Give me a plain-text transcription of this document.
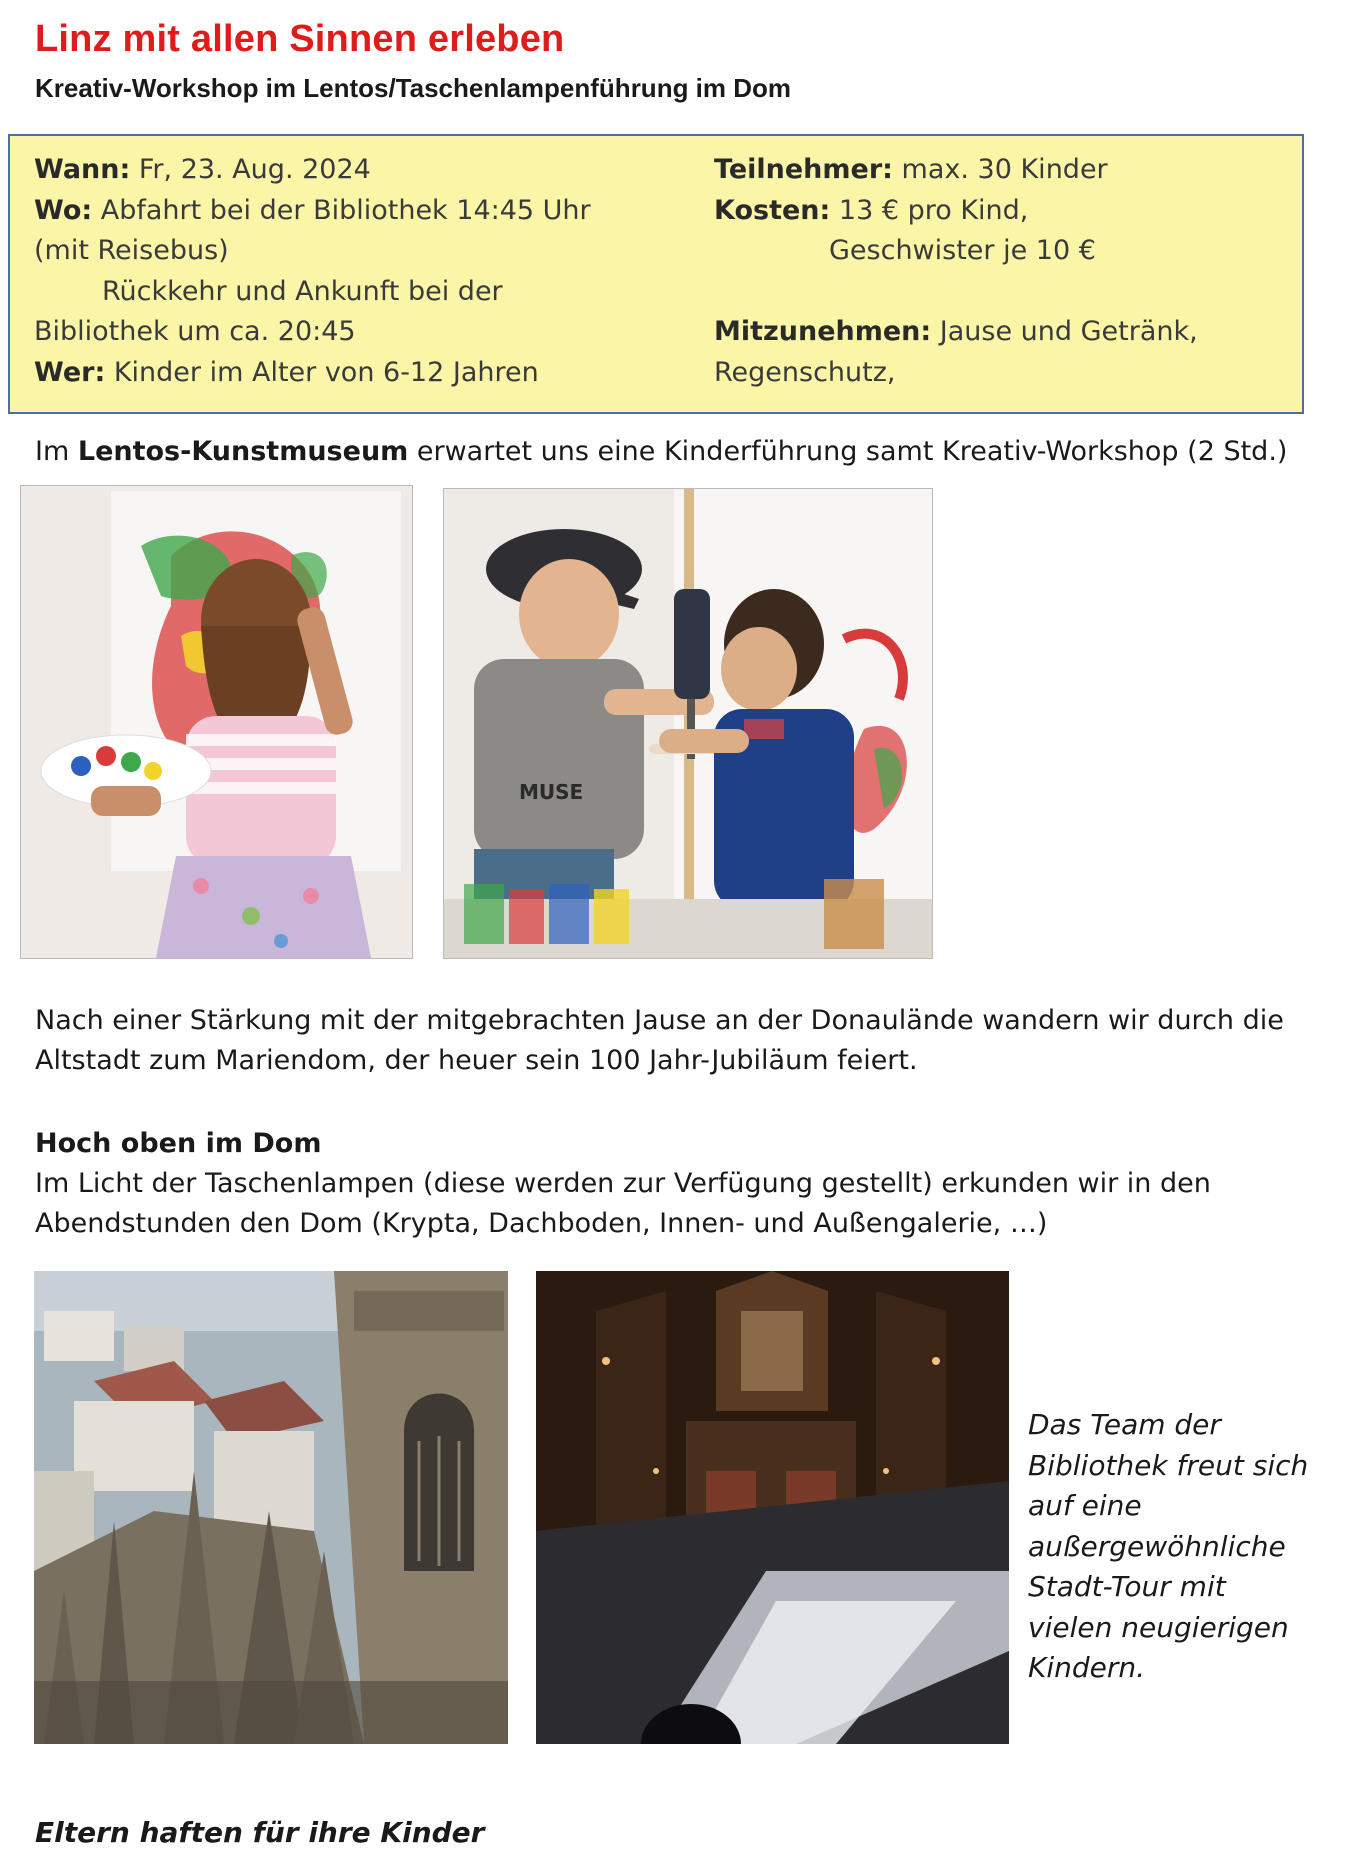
Linz mit allen Sinnen erleben
Kreativ-Workshop im Lentos/Taschenlampenführung im Dom
Wann: Fr, 23. Aug. 2024
Wo: Abfahrt bei der Bibliothek 14:45 Uhr
(mit Reisebus)
Rückkehr und Ankunft bei der
Bibliothek um ca. 20:45
Wer: Kinder im Alter von 6-12 Jahren
Teilnehmer: max. 30 Kinder
Kosten: 13 € pro Kind,
Geschwister je 10 €

Mitzunehmen: Jause und Getränk,
Regenschutz,
Im Lentos-Kunstmuseum erwartet uns eine Kinderführung samt Kreativ-Workshop (2 Std.)
MUSE
Nach einer Stärkung mit der mitgebrachten Jause an der Donaulände wandern wir durch die
Altstadt zum Mariendom, der heuer sein 100 Jahr-Jubiläum feiert.
Hoch oben im Dom
Im Licht der Taschenlampen (diese werden zur Verfügung gestellt) erkunden wir in den
Abendstunden den Dom (Krypta, Dachboden, Innen- und Außengalerie, …)
Das Team der
Bibliothek freut sich
auf eine
außergewöhnliche
Stadt-Tour mit
vielen neugierigen
Kindern.
Eltern haften für ihre Kinder
